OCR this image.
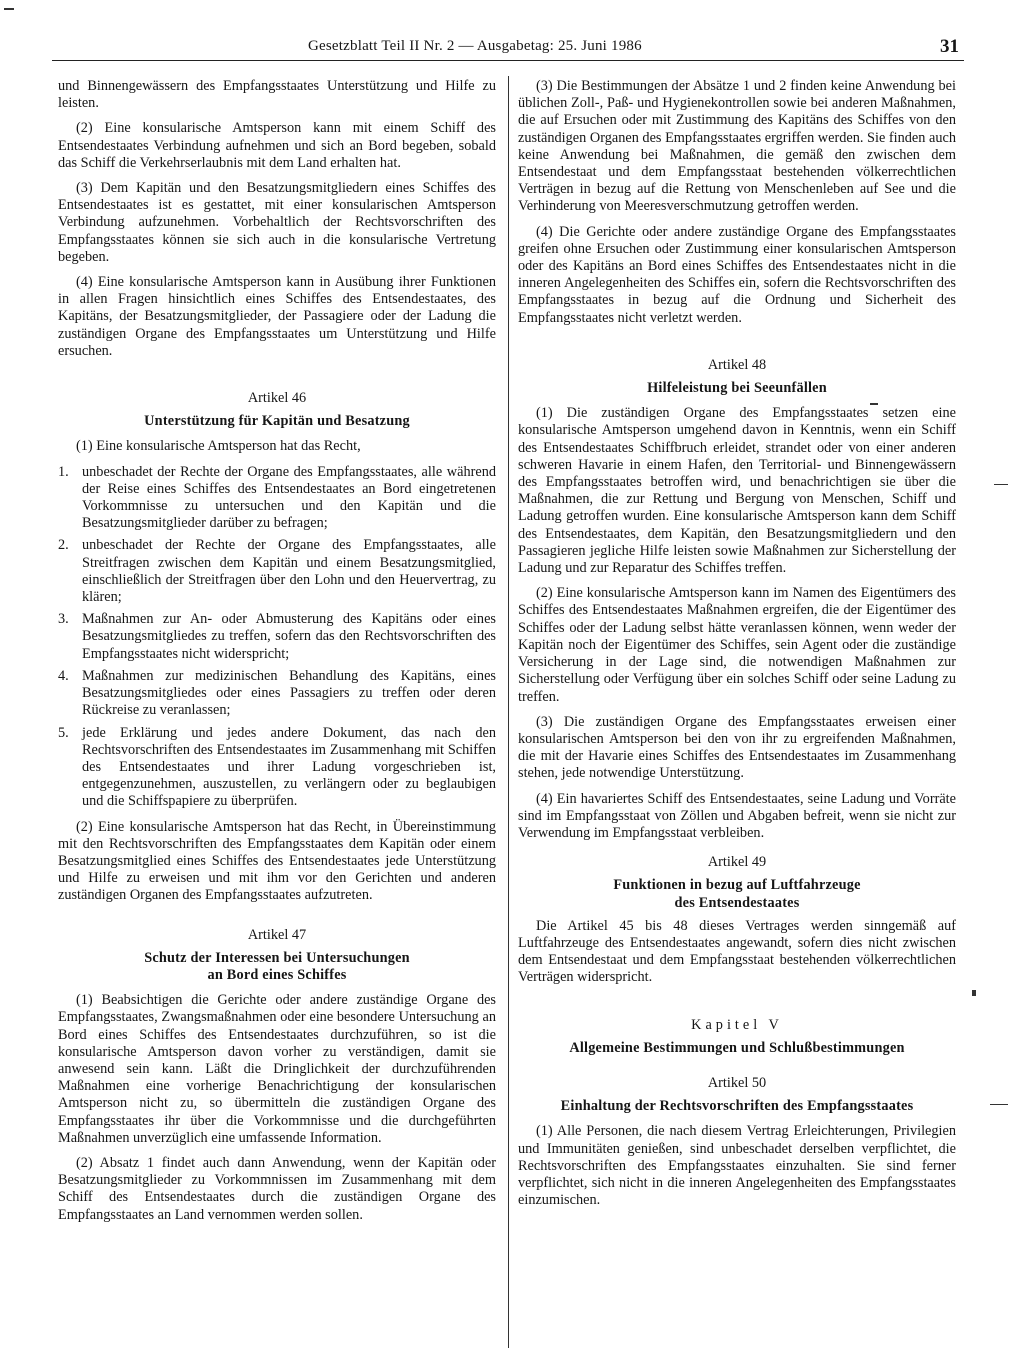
Gesetzblatt Teil II Nr. 2 — Ausgabetag: 25. Juni 1986	31

und Binnengewässern des Empfangsstaates Unterstützung und Hilfe zu leisten.

(2) Eine konsularische Amtsperson kann mit einem Schiff des Entsendestaates Verbindung aufnehmen und sich an Bord begeben, sobald das Schiff die Verkehrserlaubnis mit dem Land erhalten hat.

(3) Dem Kapitän und den Besatzungsmitgliedern eines Schiffes des Entsendestaates ist es gestattet, mit einer konsularischen Amtsperson Verbindung aufzunehmen. Vorbehaltlich der Rechtsvorschriften des Empfangsstaates können sie sich auch in die konsularische Vertretung begeben.

(4) Eine konsularische Amtsperson kann in Ausübung ihrer Funktionen in allen Fragen hinsichtlich eines Schiffes des Entsendestaates, des Kapitäns, der Besatzungsmitglieder, der Passagiere oder der Ladung die zuständigen Organe des Empfangsstaates um Unterstützung und Hilfe ersuchen.

Artikel 46
Unterstützung für Kapitän und Besatzung

(1) Eine konsularische Amtsperson hat das Recht,

1. unbeschadet der Rechte der Organe des Empfangsstaates, alle während der Reise eines Schiffes des Entsendestaates an Bord eingetretenen Vorkommnisse zu untersuchen und den Kapitän und die Besatzungsmitglieder darüber zu befragen;
2. unbeschadet der Rechte der Organe des Empfangsstaates, alle Streitfragen zwischen dem Kapitän und einem Besatzungsmitglied, einschließlich der Streitfragen über den Lohn und den Heuervertrag, zu klären;
3. Maßnahmen zur An- oder Abmusterung des Kapitäns oder eines Besatzungsmitgliedes zu treffen, sofern das den Rechtsvorschriften des Empfangsstaates nicht widerspricht;
4. Maßnahmen zur medizinischen Behandlung des Kapitäns, eines Besatzungsmitgliedes oder eines Passagiers zu treffen oder deren Rückreise zu veranlassen;
5. jede Erklärung und jedes andere Dokument, das nach den Rechtsvorschriften des Entsendestaates im Zusammenhang mit Schiffen des Entsendestaates und ihrer Ladung vorgeschrieben ist, entgegenzunehmen, auszustellen, zu verlängern oder zu beglaubigen und die Schiffspapiere zu überprüfen.

(2) Eine konsularische Amtsperson hat das Recht, in Übereinstimmung mit den Rechtsvorschriften des Empfangsstaates dem Kapitän oder einem Besatzungsmitglied eines Schiffes des Entsendestaates jede Unterstützung und Hilfe zu erweisen und mit ihm vor den Gerichten und anderen zuständigen Organen des Empfangsstaates aufzutreten.

Artikel 47
Schutz der Interessen bei Untersuchungen
an Bord eines Schiffes

(1) Beabsichtigen die Gerichte oder andere zuständige Organe des Empfangsstaates, Zwangsmaßnahmen oder eine besondere Untersuchung an Bord eines Schiffes des Entsendestaates durchzuführen, so ist die konsularische Amtsperson davon vorher zu verständigen, damit sie anwesend sein kann. Läßt die Dringlichkeit der durchzuführenden Maßnahmen eine vorherige Benachrichtigung der konsularischen Amtsperson nicht zu, so übermitteln die zuständigen Organe des Empfangsstaates ihr über die Vorkommnisse und die durchgeführten Maßnahmen unverzüglich eine umfassende Information.

(2) Absatz 1 findet auch dann Anwendung, wenn der Kapitän oder Besatzungsmitglieder zu Vorkommnissen im Zusammenhang mit dem Schiff des Entsendestaates durch die zuständigen Organe des Empfangsstaates an Land vernommen werden sollen.

(3) Die Bestimmungen der Absätze 1 und 2 finden keine Anwendung bei üblichen Zoll-, Paß- und Hygienekontrollen sowie bei anderen Maßnahmen, die auf Ersuchen oder mit Zustimmung des Kapitäns des Schiffes von den zuständigen Organen des Empfangsstaates ergriffen werden. Sie finden auch keine Anwendung bei Maßnahmen, die gemäß den zwischen dem Entsendestaat und dem Empfangsstaat bestehenden völkerrechtlichen Verträgen in bezug auf die Rettung von Menschenleben auf See und die Verhinderung von Meeresverschmutzung getroffen werden.

(4) Die Gerichte oder andere zuständige Organe des Empfangsstaates greifen ohne Ersuchen oder Zustimmung einer konsularischen Amtsperson oder des Kapitäns an Bord eines Schiffes des Entsendestaates nicht in die inneren Angelegenheiten des Schiffes ein, sofern die Rechtsvorschriften des Empfangsstaates in bezug auf die Ordnung und Sicherheit des Empfangsstaates nicht verletzt werden.

Artikel 48
Hilfeleistung bei Seeunfällen

(1) Die zuständigen Organe des Empfangsstaates setzen eine konsularische Amtsperson umgehend davon in Kenntnis, wenn ein Schiff des Entsendestaates Schiffbruch erleidet, strandet oder von einer anderen schweren Havarie in einem Hafen, den Territorial- und Binnengewässern des Empfangsstaates betroffen wird, und benachrichtigen sie über die Maßnahmen, die zur Rettung und Bergung von Menschen, Schiff und Ladung getroffen wurden. Eine konsularische Amtsperson kann dem Schiff des Entsendestaates, dem Kapitän, den Besatzungsmitgliedern und den Passagieren jegliche Hilfe leisten sowie Maßnahmen zur Sicherstellung der Ladung und zur Reparatur des Schiffes treffen.

(2) Eine konsularische Amtsperson kann im Namen des Eigentümers des Schiffes des Entsendestaates Maßnahmen ergreifen, die der Eigentümer des Schiffes oder der Ladung selbst hätte veranlassen können, wenn weder der Kapitän noch der Eigentümer des Schiffes, sein Agent oder die zuständige Versicherung in der Lage sind, die notwendigen Maßnahmen zur Sicherstellung oder Verfügung über ein solches Schiff oder seine Ladung zu treffen.

(3) Die zuständigen Organe des Empfangsstaates erweisen einer konsularischen Amtsperson bei den von ihr zu ergreifenden Maßnahmen, die mit der Havarie eines Schiffes des Entsendestaates im Zusammenhang stehen, jede notwendige Unterstützung.

(4) Ein havariertes Schiff des Entsendestaates, seine Ladung und Vorräte sind im Empfangsstaat von Zöllen und Abgaben befreit, wenn sie nicht zur Verwendung im Empfangsstaat verbleiben.

Artikel 49
Funktionen in bezug auf Luftfahrzeuge
des Entsendestaates

Die Artikel 45 bis 48 dieses Vertrages werden sinngemäß auf Luftfahrzeuge des Entsendestaates angewandt, sofern dies nicht zwischen dem Entsendestaat und dem Empfangsstaat bestehenden völkerrechtlichen Verträgen widerspricht.

Kapitel V
Allgemeine Bestimmungen und Schlußbestimmungen
Artikel 50
Einhaltung der Rechtsvorschriften des Empfangsstaates

(1) Alle Personen, die nach diesem Vertrag Erleichterungen, Privilegien und Immunitäten genießen, sind unbeschadet derselben verpflichtet, die Rechtsvorschriften des Empfangsstaates einzuhalten. Sie sind ferner verpflichtet, sich nicht in die inneren Angelegenheiten des Empfangsstaates einzumischen.
